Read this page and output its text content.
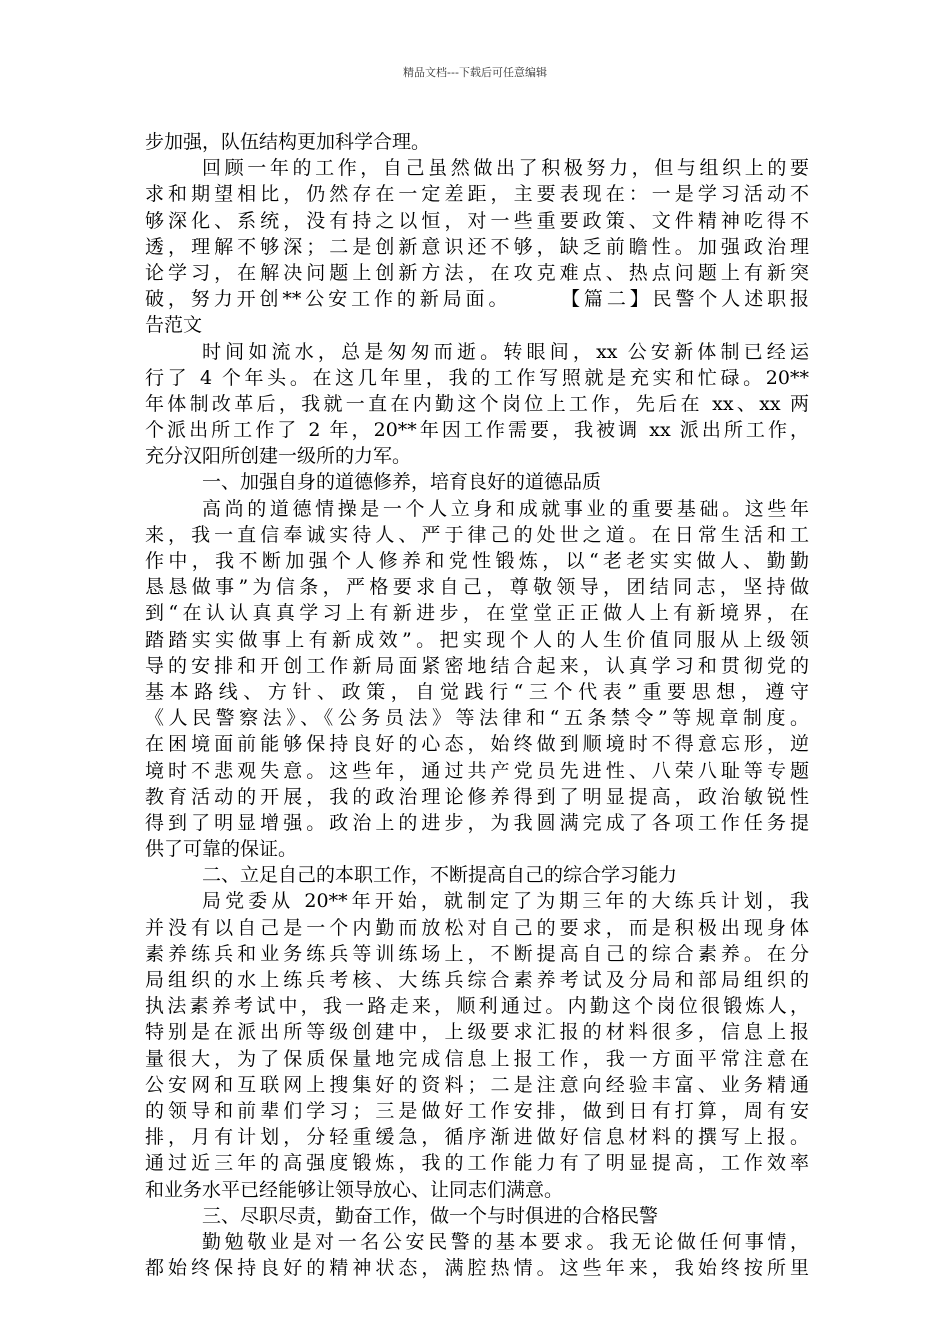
精品文档---下载后可任意编辑
步加强，队伍结构更加科学合理。
回顾一年的工作，自己虽然做出了积极努力，但与组织上的要
求和期望相比，仍然存在一定差距，主要表现在：一是学习活动不
够深化、系统，没有持之以恒，对一些重要政策、文件精神吃得不
透，理解不够深；二是创新意识还不够，缺乏前瞻性。加强政治理
论学习，在解决问题上创新方法，在攻克难点、热点问题上有新突
破，努力开创**公安工作的新局面。　　　【篇二】民警个人述职报
告范文
时间如流水，总是匆匆而逝。转眼间，xx 公安新体制已经运
行了 4 个年头。在这几年里，我的工作写照就是充实和忙碌。20**
年体制改革后，我就一直在内勤这个岗位上工作，先后在 xx、xx 两
个派出所工作了 2 年，20**年因工作需要，我被调 xx 派出所工作，
充分汉阳所创建一级所的力军。
一、加强自身的道德修养，培育良好的道德品质
高尚的道德情操是一个人立身和成就事业的重要基础。这些年
来，我一直信奉诚实待人、严于律己的处世之道。在日常生活和工
作中，我不断加强个人修养和党性锻炼，以“老老实实做人、勤勤
恳恳做事”为信条，严格要求自己，尊敬领导，团结同志，坚持做
到“在认认真真学习上有新进步，在堂堂正正做人上有新境界，在
踏踏实实做事上有新成效”。把实现个人的人生价值同服从上级领
导的安排和开创工作新局面紧密地结合起来，认真学习和贯彻党的
基本路线、方针、政策，自觉践行“三个代表”重要思想，遵守
《人民警察法》、《公务员法》等法律和“五条禁令”等规章制度。
在困境面前能够保持良好的心态，始终做到顺境时不得意忘形，逆
境时不悲观失意。这些年，通过共产党员先进性、八荣八耻等专题
教育活动的开展，我的政治理论修养得到了明显提高，政治敏锐性
得到了明显增强。政治上的进步，为我圆满完成了各项工作任务提
供了可靠的保证。
二、立足自己的本职工作，不断提高自己的综合学习能力
局党委从 20**年开始，就制定了为期三年的大练兵计划，我
并没有以自己是一个内勤而放松对自己的要求，而是积极出现身体
素养练兵和业务练兵等训练场上，不断提高自己的综合素养。在分
局组织的水上练兵考核、大练兵综合素养考试及分局和部局组织的
执法素养考试中，我一路走来，顺利通过。内勤这个岗位很锻炼人，
特别是在派出所等级创建中，上级要求汇报的材料很多，信息上报
量很大，为了保质保量地完成信息上报工作，我一方面平常注意在
公安网和互联网上搜集好的资料；二是注意向经验丰富、业务精通
的领导和前辈们学习；三是做好工作安排，做到日有打算，周有安
排，月有计划，分轻重缓急，循序渐进做好信息材料的撰写上报。
通过近三年的高强度锻炼，我的工作能力有了明显提高，工作效率
和业务水平已经能够让领导放心、让同志们满意。
三、尽职尽责，勤奋工作，做一个与时俱进的合格民警
勤勉敬业是对一名公安民警的基本要求。我无论做任何事情，
都始终保持良好的精神状态，满腔热情。这些年来，我始终按所里
